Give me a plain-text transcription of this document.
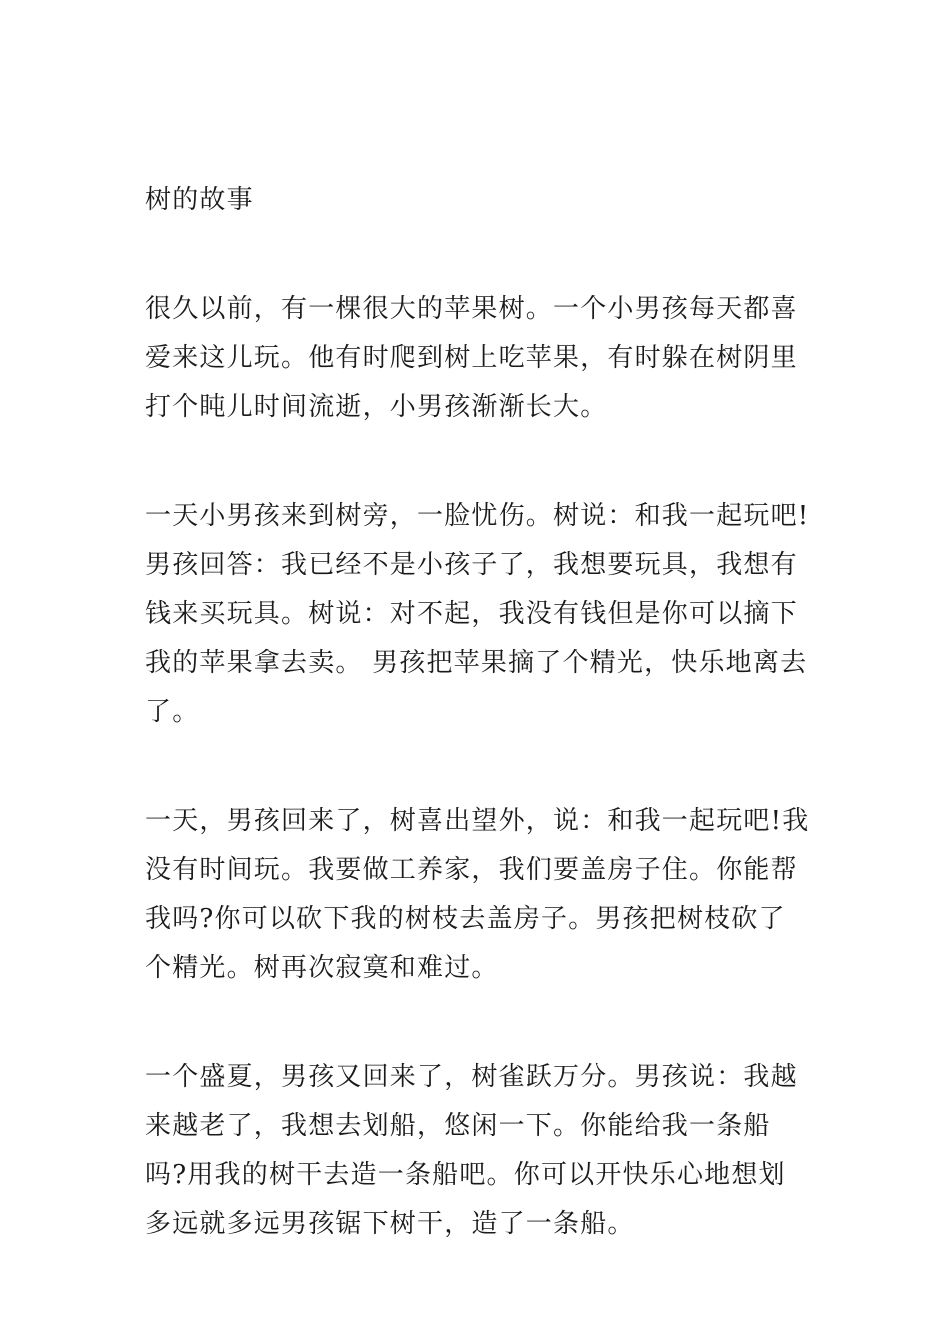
树的故事
很久以前，有一棵很大的苹果树。一个小男孩每天都喜爱来这儿玩。他有时爬到树上吃苹果，有时躲在树阴里打个盹儿时间流逝，小男孩渐渐长大。
一天小男孩来到树旁，一脸忧伤。树说：和我一起玩吧!男孩回答：我已经不是小孩子了，我想要玩具，我想有钱来买玩具。树说：对不起，我没有钱但是你可以摘下我的苹果拿去卖。 男孩把苹果摘了个精光，快乐地离去了。
一天，男孩回来了，树喜出望外，说：和我一起玩吧!我没有时间玩。我要做工养家，我们要盖房子住。你能帮我吗?你可以砍下我的树枝去盖房子。男孩把树枝砍了个精光。树再次寂寞和难过。
一个盛夏，男孩又回来了，树雀跃万分。男孩说：我越来越老了，我想去划船，悠闲一下。你能给我一条船吗?用我的树干去造一条船吧。你可以开快乐心地想划多远就多远男孩锯下树干，造了一条船。
